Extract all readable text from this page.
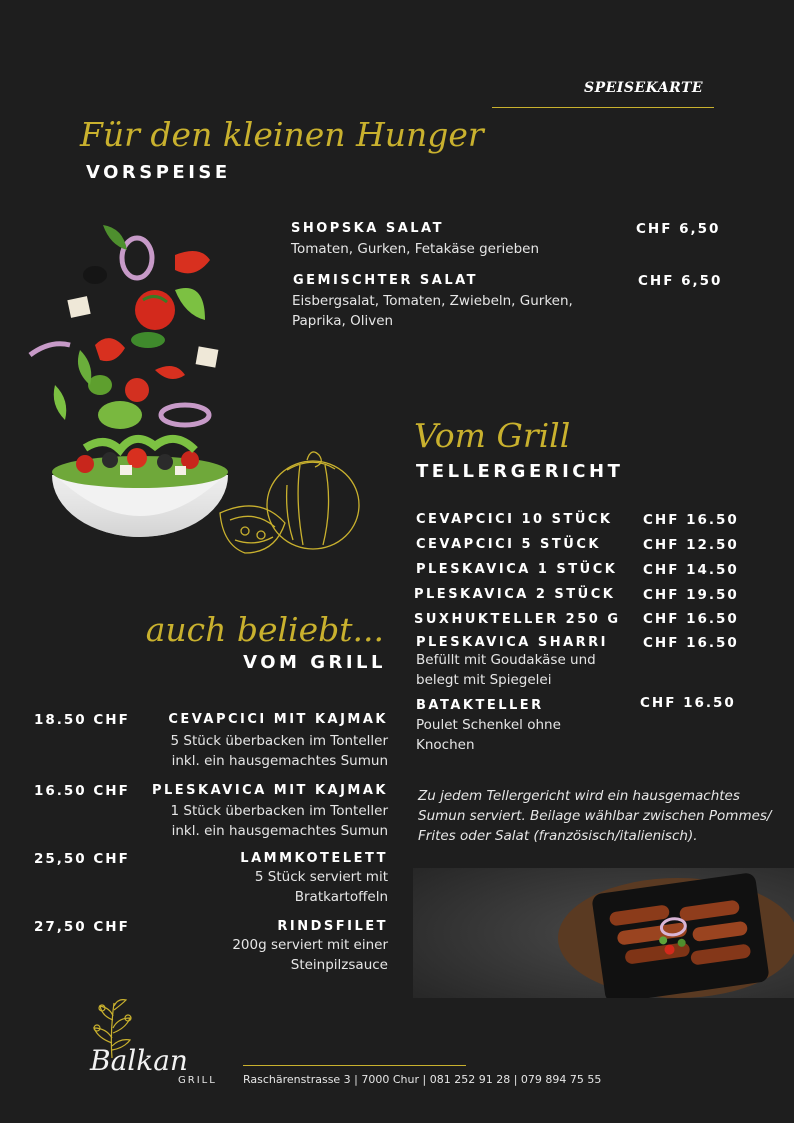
SPEISEKARTE
Für den kleinen Hunger
VORSPEISE
SHOPSKA SALAT	CHF 6,50
Tomaten, Gurken, Fetakäse gerieben
GEMISCHTER SALAT	CHF 6,50
Eisbergsalat, Tomaten, Zwiebeln, Gurken, Paprika, Oliven
Vom Grill
TELLERGERICHT
CEVAPCICI 10 STÜCK CHF 16.50
CEVAPCICI 5 STÜCK	CHF 12.50
PLESKAVICA 1 STÜCK CHF 14.50
PLESKAVICA 2 STÜCK CHF 19.50
SUXHUKTELLER 250 G CHF 16.50
PLESKAVICA SHARRI	CHF 16.50
Befüllt mit Goudakäse und belegt mit Spiegelei
BATAKTELLER	CHF 16.50
Poulet Schenkel ohne Knochen
Zu jedem Tellergericht wird ein hausgemachtes Sumun serviert. Beilage wählbar zwischen Pommes/ Frites oder Salat (französisch/italienisch).
auch beliebt...
VOM GRILL
18.50 CHF	CEVAPCICI MIT KAJMAK
5 Stück überbacken im Tonteller
inkl. ein hausgemachtes Sumun
16.50 CHF PLESKAVICA MIT KAJMAK
1 Stück überbacken im Tonteller
inkl. ein hausgemachtes Sumun
25,50 CHF	LAMMKOTELETT
5 Stück serviert mit
Bratkartoffeln
27,50 CHF	RINDSFILET
200g serviert mit einer
Steinpilzsauce
Balkan
GRILL Raschärenstrasse 3 | 7000 Chur | 081 252 91 28 | 079 894 75 55
